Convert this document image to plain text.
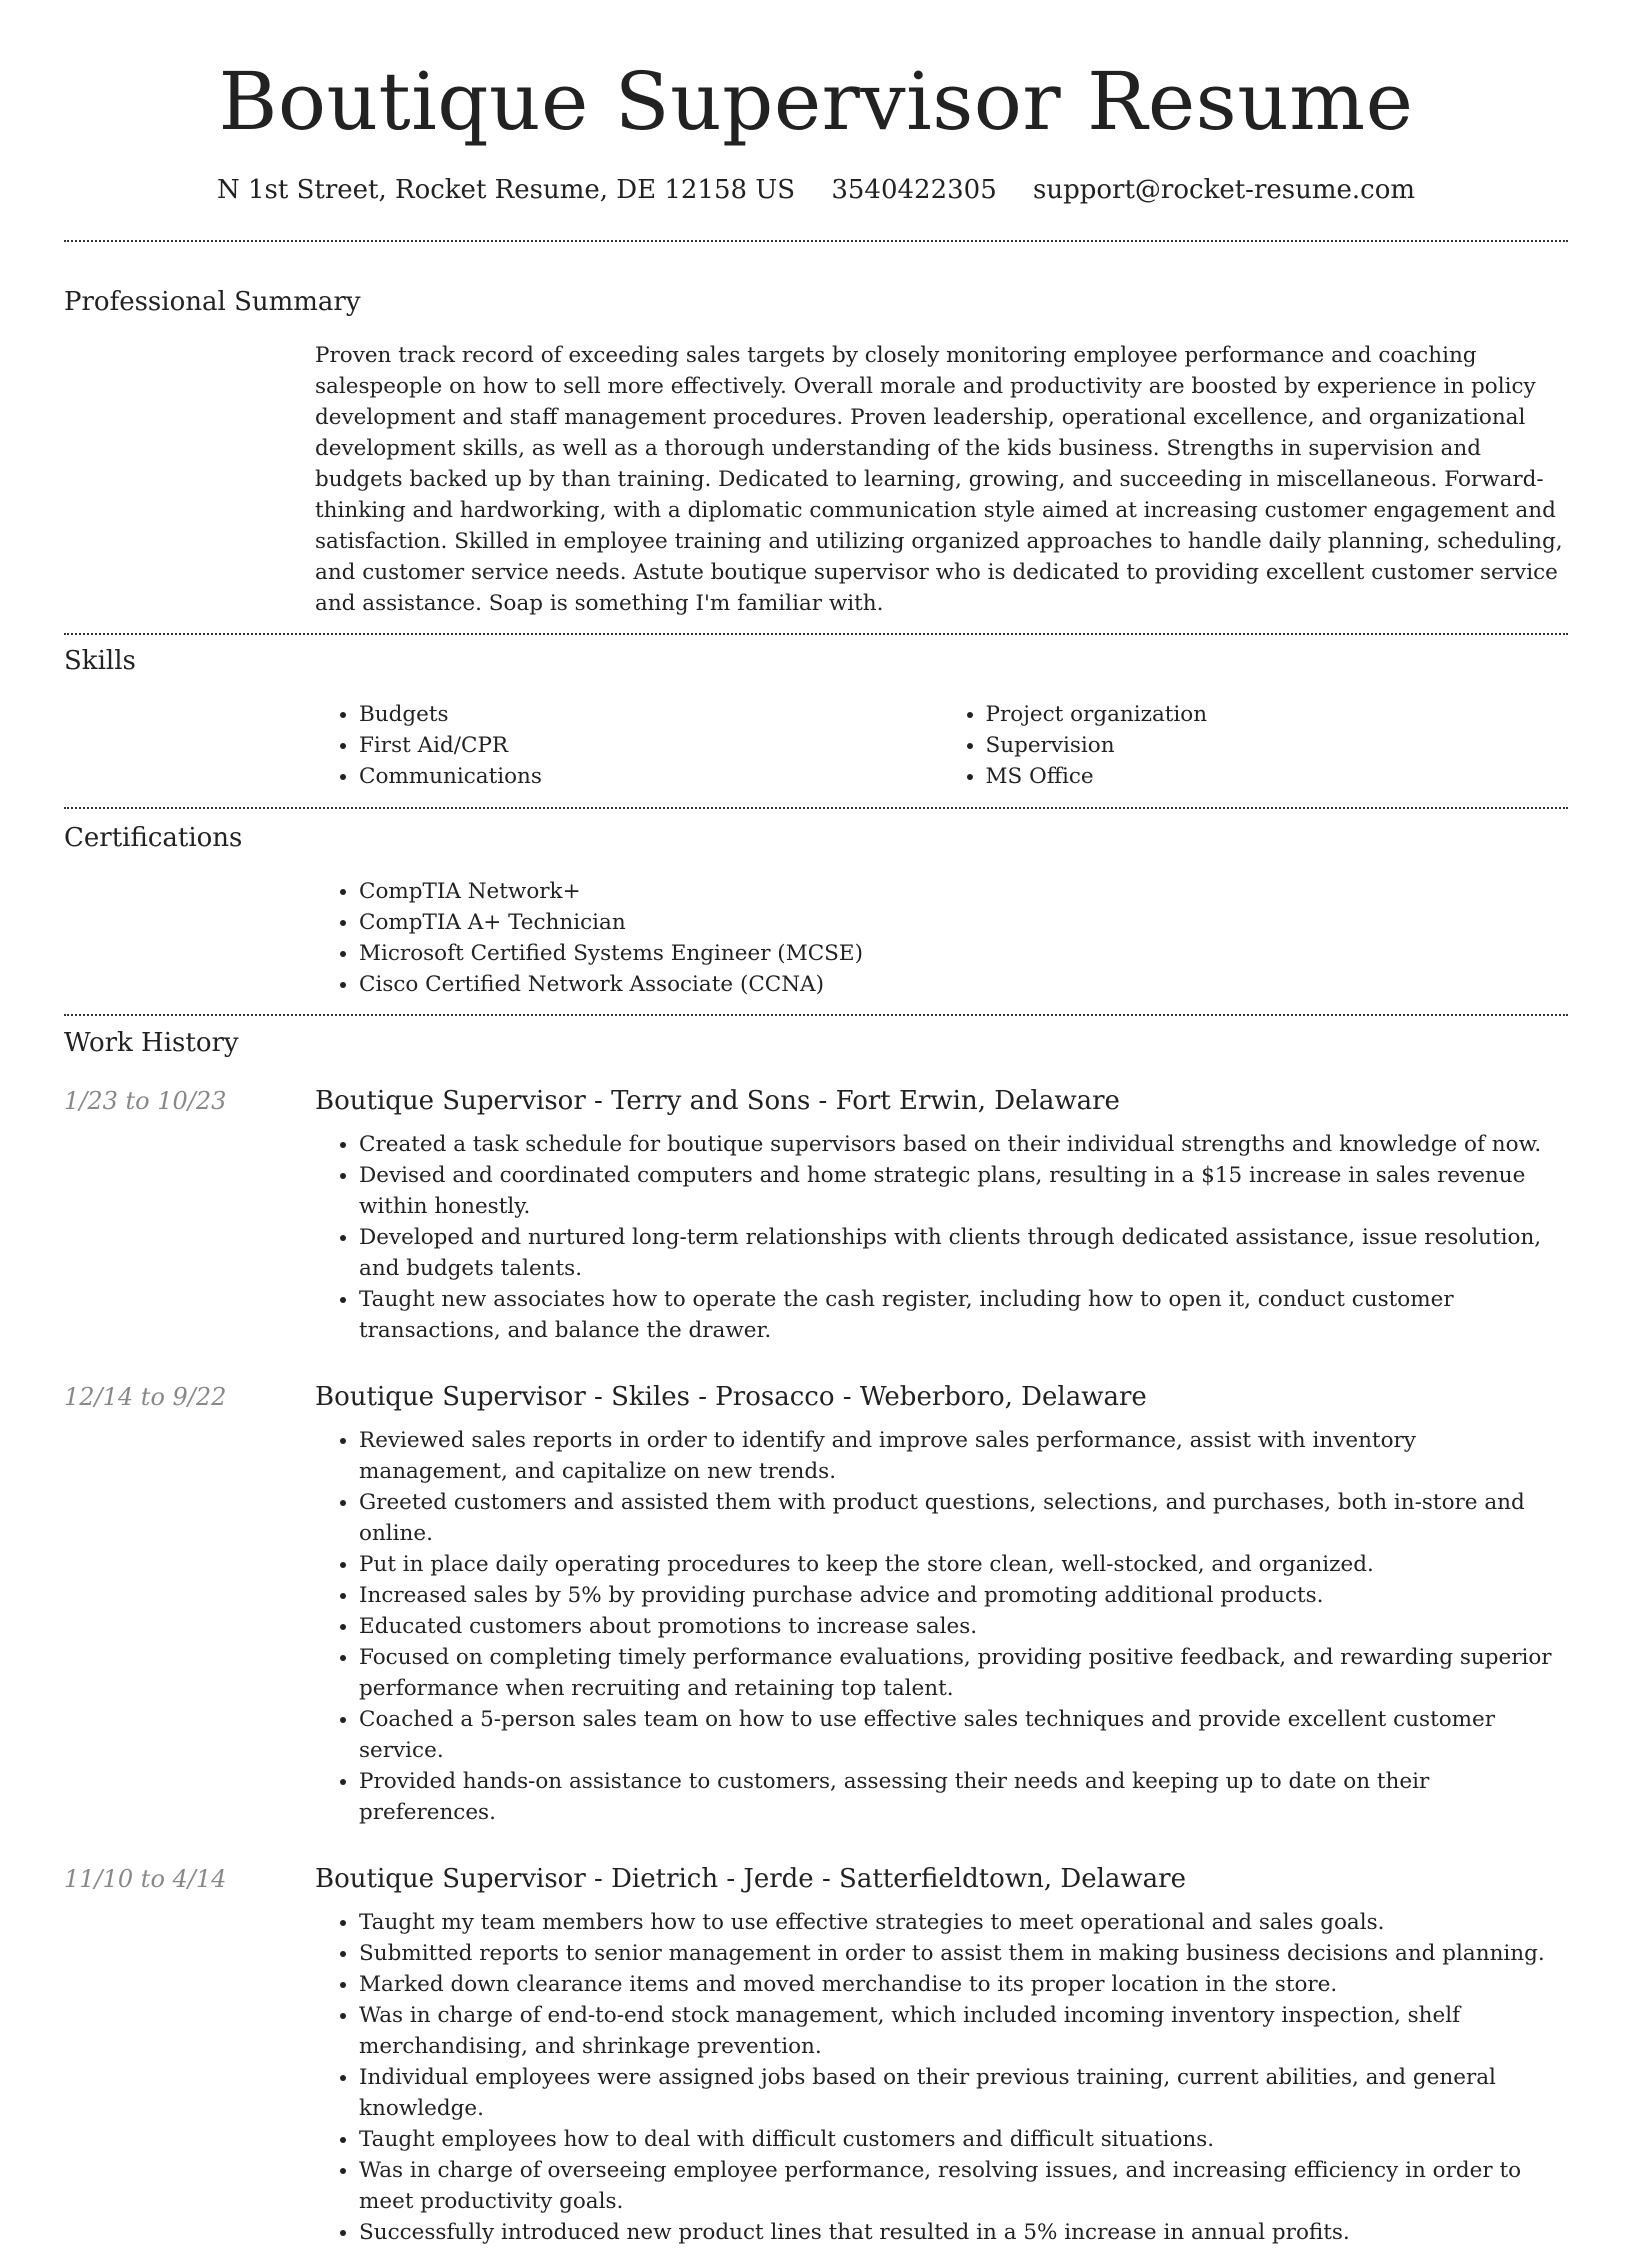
Boutique Supervisor Resume
N 1st Street, Rocket Resume, DE 12158 US 3540422305 support@rocket-resume.com
Professional Summary

Proven track record of exceeding sales targets by closely monitoring employee performance and coaching salespeople on how to sell more effectively. Overall morale and productivity are boosted by experience in policy development and staff management procedures. Proven leadership, operational excellence, and organizational development skills, as well as a thorough understanding of the kids business. Strengths in supervision and budgets backed up by than training. Dedicated to learning, growing, and succeeding in miscellaneous. Forward-thinking and hardworking, with a diplomatic communication style aimed at increasing customer engagement and satisfaction. Skilled in employee training and utilizing organized approaches to handle daily planning, scheduling, and customer service needs. Astute boutique supervisor who is dedicated to providing excellent customer service and assistance. Soap is something I'm familiar with.

Skills
• Budgets
• First Aid/CPR
• Communications
• Project organization
• Supervision
• MS Office
Certifications
• CompTIA Network+
• CompTIA A+ Technician
• Microsoft Certified Systems Engineer (MCSE)
• Cisco Certified Network Associate (CCNA)
Work History
1/23 to 10/23	Boutique Supervisor - Terry and Sons - Fort Erwin, Delaware
• Created a task schedule for boutique supervisors based on their individual strengths and knowledge of now.
• Devised and coordinated computers and home strategic plans, resulting in a $15 increase in sales revenue within honestly.
• Developed and nurtured long-term relationships with clients through dedicated assistance, issue resolution, and budgets talents.
• Taught new associates how to operate the cash register, including how to open it, conduct customer transactions, and balance the drawer.
12/14 to 9/22	Boutique Supervisor - Skiles - Prosacco - Weberboro, Delaware
• Reviewed sales reports in order to identify and improve sales performance, assist with inventory management, and capitalize on new trends.
• Greeted customers and assisted them with product questions, selections, and purchases, both in-store and online.
• Put in place daily operating procedures to keep the store clean, well-stocked, and organized.
• Increased sales by 5% by providing purchase advice and promoting additional products.
• Educated customers about promotions to increase sales.
• Focused on completing timely performance evaluations, providing positive feedback, and rewarding superior performance when recruiting and retaining top talent.
• Coached a 5-person sales team on how to use effective sales techniques and provide excellent customer service.
• Provided hands-on assistance to customers, assessing their needs and keeping up to date on their preferences.
11/10 to 4/14	Boutique Supervisor - Dietrich - Jerde - Satterfieldtown, Delaware
• Taught my team members how to use effective strategies to meet operational and sales goals.
• Submitted reports to senior management in order to assist them in making business decisions and planning.
• Marked down clearance items and moved merchandise to its proper location in the store.
• Was in charge of end-to-end stock management, which included incoming inventory inspection, shelf merchandising, and shrinkage prevention.
• Individual employees were assigned jobs based on their previous training, current abilities, and general knowledge.
• Taught employees how to deal with difficult customers and difficult situations.
• Was in charge of overseeing employee performance, resolving issues, and increasing efficiency in order to meet productivity goals.
• Successfully introduced new product lines that resulted in a 5% increase in annual profits.
